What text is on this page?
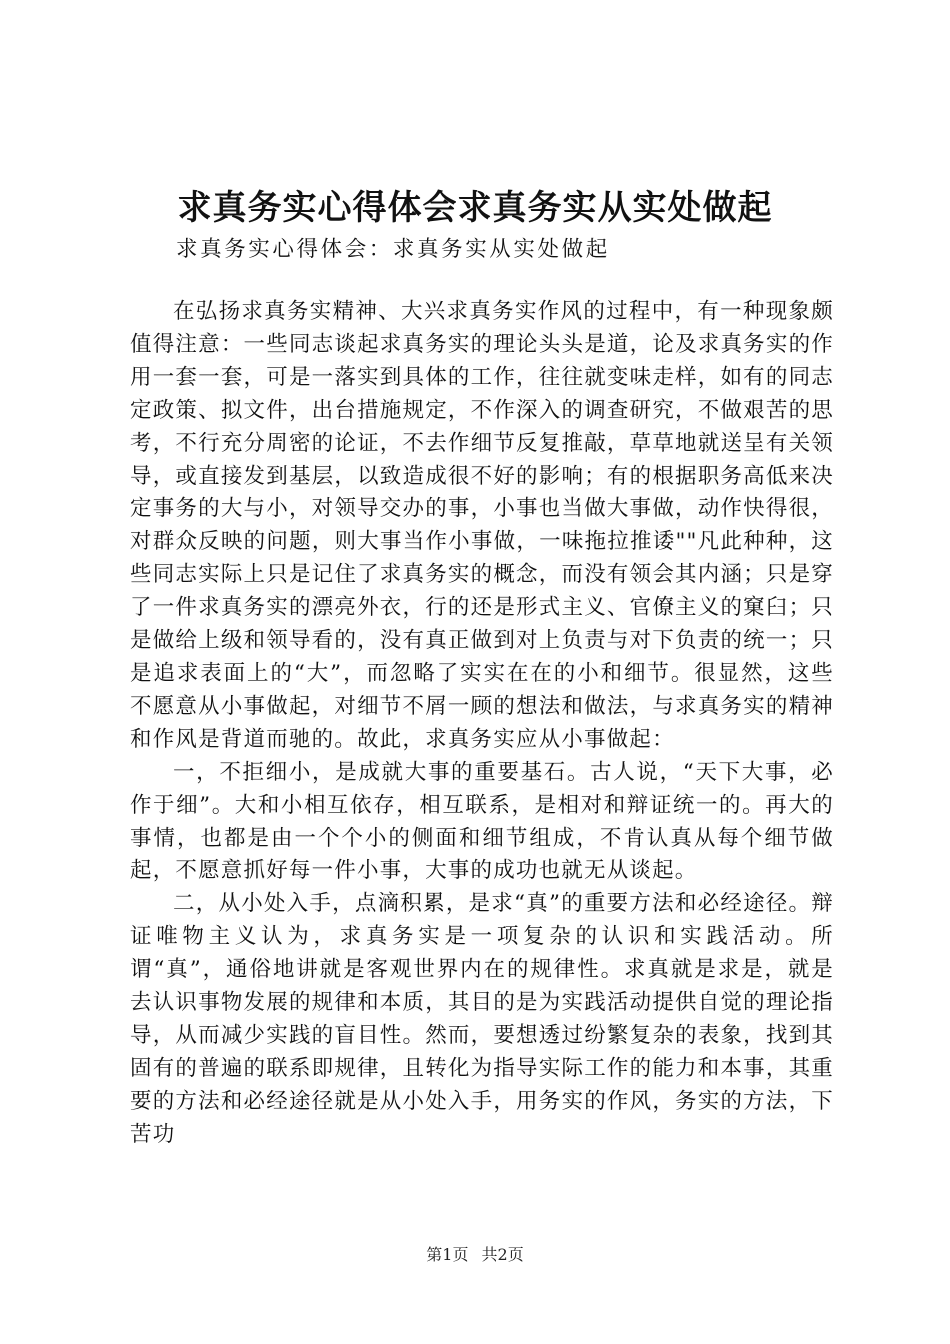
求真务实心得体会求真务实从实处做起

求真务实心得体会：求真务实从实处做起

在弘扬求真务实精神、大兴求真务实作风的过程中，有一种现象颇值得注意：一些同志谈起求真务实的理论头头是道，论及求真务实的作用一套一套，可是一落实到具体的工作，往往就变味走样，如有的同志定政策、拟文件，出台措施规定，不作深入的调查研究，不做艰苦的思考，不行充分周密的论证，不去作细节反复推敲，草草地就送呈有关领导，或直接发到基层，以致造成很不好的影响；有的根据职务高低来决定事务的大与小，对领导交办的事，小事也当做大事做，动作快得很，对群众反映的问题，则大事当作小事做，一味拖拉推诿""凡此种种，这些同志实际上只是记住了求真务实的概念，而没有领会其内涵；只是穿了一件求真务实的漂亮外衣，行的还是形式主义、官僚主义的窠臼；只是做给上级和领导看的，没有真正做到对上负责与对下负责的统一；只是追求表面上的“大”，而忽略了实实在在的小和细节。很显然，这些不愿意从小事做起，对细节不屑一顾的想法和做法，与求真务实的精神和作风是背道而驰的。故此，求真务实应从小事做起：

一，不拒细小，是成就大事的重要基石。古人说，“天下大事，必作于细”。大和小相互依存，相互联系，是相对和辩证统一的。再大的事情，也都是由一个个小的侧面和细节组成，不肯认真从每个细节做起，不愿意抓好每一件小事，大事的成功也就无从谈起。

二，从小处入手，点滴积累，是求“真”的重要方法和必经途径。辩证唯物主义认为，求真务实是一项复杂的认识和实践活动。所谓“真”，通俗地讲就是客观世界内在的规律性。求真就是求是，就是去认识事物发展的规律和本质，其目的是为实践活动提供自觉的理论指导，从而减少实践的盲目性。然而，要想透过纷繁复杂的表象，找到其固有的普遍的联系即规律，且转化为指导实际工作的能力和本事，其重要的方法和必经途径就是从小处入手，用务实的作风，务实的方法，下苦功

第1页 共2页
